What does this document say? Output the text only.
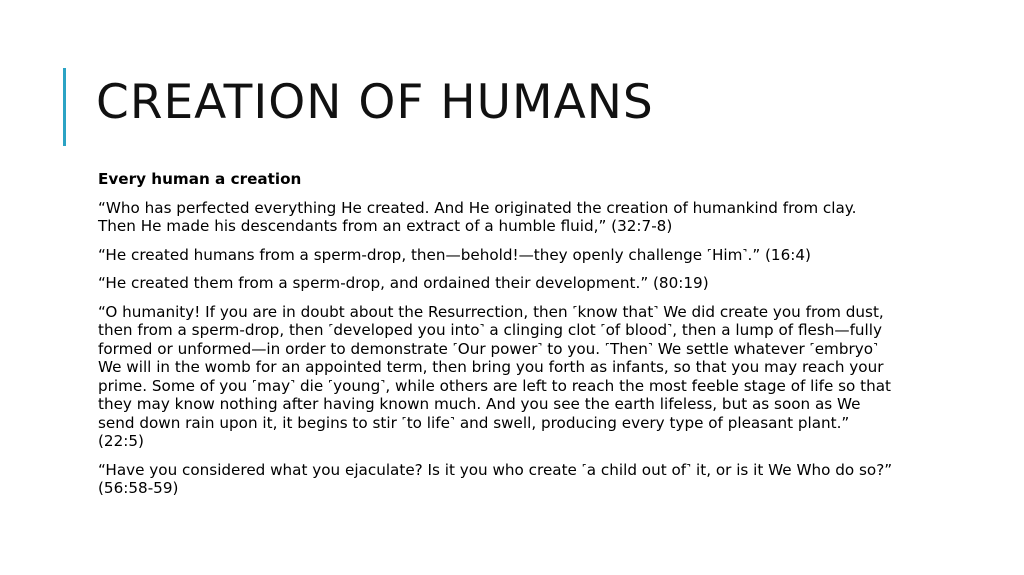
CREATION OF HUMANS

Every human a creation

“Who has perfected everything He created. And He originated the creation of humankind from clay. Then He made his descendants from an extract of a humble fluid,” (32:7-8)

“He created humans from a sperm-drop, then—behold!—they openly challenge ˹Him˺.” (16:4)

“He created them from a sperm-drop, and ordained their development.” (80:19)

“O humanity! If you are in doubt about the Resurrection, then ˹know that˺ We did create you from dust, then from a sperm-drop, then ˹developed you into˺ a clinging clot ˹of blood˺, then a lump of flesh—fully formed or unformed—in order to demonstrate ˹Our power˺ to you. ˹Then˺ We settle whatever ˹embryo˺ We will in the womb for an appointed term, then bring you forth as infants, so that you may reach your prime. Some of you ˹may˺ die ˹young˺, while others are left to reach the most feeble stage of life so that they may know nothing after having known much. And you see the earth lifeless, but as soon as We send down rain upon it, it begins to stir ˹to life˺ and swell, producing every type of pleasant plant.” (22:5)

“Have you considered what you ejaculate? Is it you who create ˹a child out of˺ it, or is it We Who do so?” (56:58-59)
